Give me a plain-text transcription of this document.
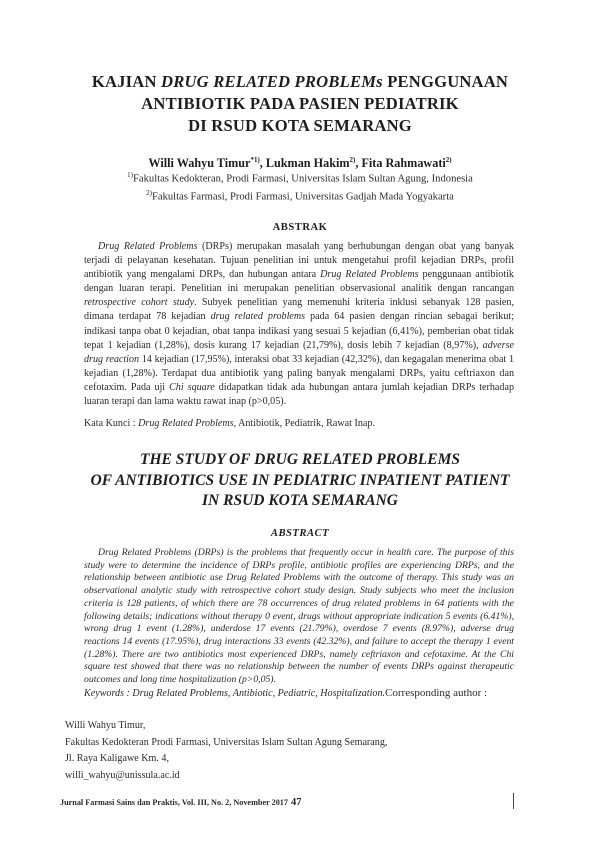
KAJIAN DRUG RELATED PROBLEMs PENGGUNAAN
ANTIBIOTIK PADA PASIEN PEDIATRIK
DI RSUD KOTA SEMARANG
Willi Wahyu Timur$^{*1)}$, Lukman Hakim$^{2)}$, Fita Rahmawati$^{2)}$
$^{1)}$Fakultas Kedokteran, Prodi Farmasi, Universitas Islam Sultan Agung, Indonesia
$^{2)}$Fakultas Farmasi, Prodi Farmasi, Universitas Gadjah Mada Yogyakarta
ABSTRAK
Drug Related Problems (DRPs) merupakan masalah yang berhubungan dengan obat yang banyak terjadi di pelayanan kesehatan. Tujuan penelitian ini untuk mengetahui profil kejadian DRPs, profil antibiotik yang mengalami DRPs, dan hubungan antara Drug Related Problems penggunaan antibiotik dengan luaran terapi. Penelitian ini merupakan penelitian observasional analitik dengan rancangan retrospective cohort study. Subyek penelitian yang memenuhi kriteria inklusi sebanyak 128 pasien, dimana terdapat 78 kejadian drug related problems pada 64 pasien dengan rincian sebagai berikut; indikasi tanpa obat 0 kejadian, obat tanpa indikasi yang sesuai 5 kejadian (6,41%), pemberian obat tidak tepat 1 kejadian (1,28%), dosis kurang 17 kejadian (21,79%), dosis lebih 7 kejadian (8,97%), adverse drug reaction 14 kejadian (17,95%), interaksi obat 33 kejadian (42,32%), dan kegagalan menerima obat 1 kejadian (1,28%). Terdapat dua antibiotik yang paling banyak mengalami DRPs, yaitu ceftriaxon dan cefotaxim. Pada uji Chi square didapatkan tidak ada hubungan antara jumlah kejadian DRPs terhadap luaran terapi dan lama waktu rawat inap (p>0,05).
Kata Kunci : Drug Related Problems, Antibiotik, Pediatrik, Rawat Inap.
THE STUDY OF DRUG RELATED PROBLEMS
OF ANTIBIOTICS USE IN PEDIATRIC INPATIENT PATIENT
IN RSUD KOTA SEMARANG
ABSTRACT
Drug Related Problems (DRPs) is the problems that frequently occur in health care. The purpose of this study were to determine the incidence of DRPs profile, antibiotic profiles are experiencing DRPs, and the relationship between antibiotic use Drug Related Problems with the outcome of therapy. This study was an observational analytic study with retrospective cohort study design. Study subjects who meet the inclusion criteria is 128 patients, of which there are 78 occurrences of drug related problems in 64 patients with the following details; indications without therapy 0 event, drugs without appropriate indication 5 events (6.41%), wrong drug 1 event (1.28%), underdose 17 events (21.79%), overdose 7 events (8.97%), adverse drug reactions 14 events (17.95%), drug interactions 33 events (42.32%), and failure to accept the therapy 1 event (1.28%). There are two antibiotics most experienced DRPs, namely ceftriaxon and cefotaxime. At the Chi square test showed that there was no relationship between the number of events DRPs against therapeutic outcomes and long time hospitalization (p>0,05).
Keywords : Drug Related Problems, Antibiotic, Pediatric, Hospitalization.Corresponding author :
Willi Wahyu Timur,
Fakultas Kedokteran Prodi Farmasi, Universitas Islam Sultan Agung Semarang,
Jl. Raya Kaligawe Km. 4,
willi_wahyu@unissula.ac.id
Jurnal Farmasi Sains dan Praktis, Vol. III, No. 2, November 2017 47
